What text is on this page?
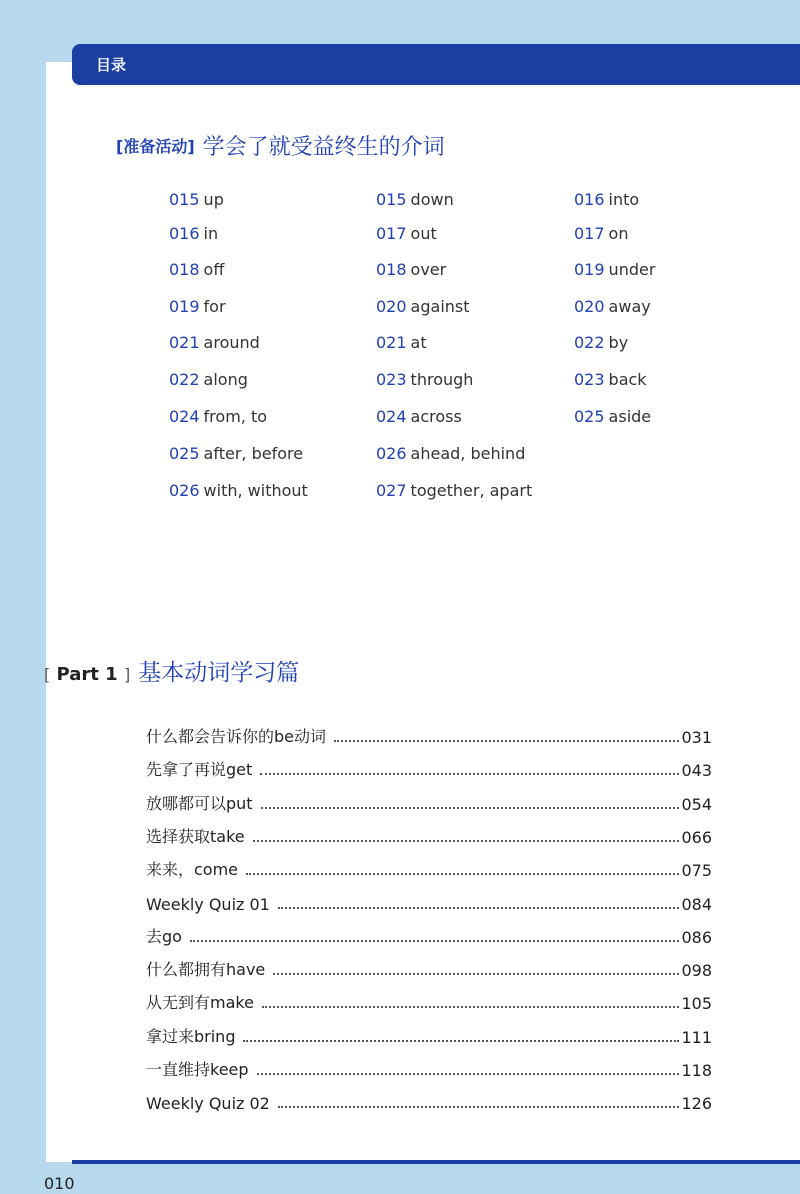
目录
[准备活动] 学会了就受益终生的介词
015 up	015 down	016 into
016 in	017 out	017 on
018 off	018 over	019 under
019 for	020 against	020 away
021 around	021 at	022 by
022 along	023 through	023 back
024 from, to	024 across	025 aside
025 after, before	026 ahead, behind
026 with, without	027 together, apart
[ Part 1 ] 基本动词学习篇
什么都会告诉你的be动词	031
先拿了再说get	043
放哪都可以put	054
选择获取take	066
来来，come	075
Weekly Quiz 01	084
去go	086
什么都拥有have	098
从无到有make	105
拿过来bring	111
一直维持keep	118
Weekly Quiz 02	126
010
